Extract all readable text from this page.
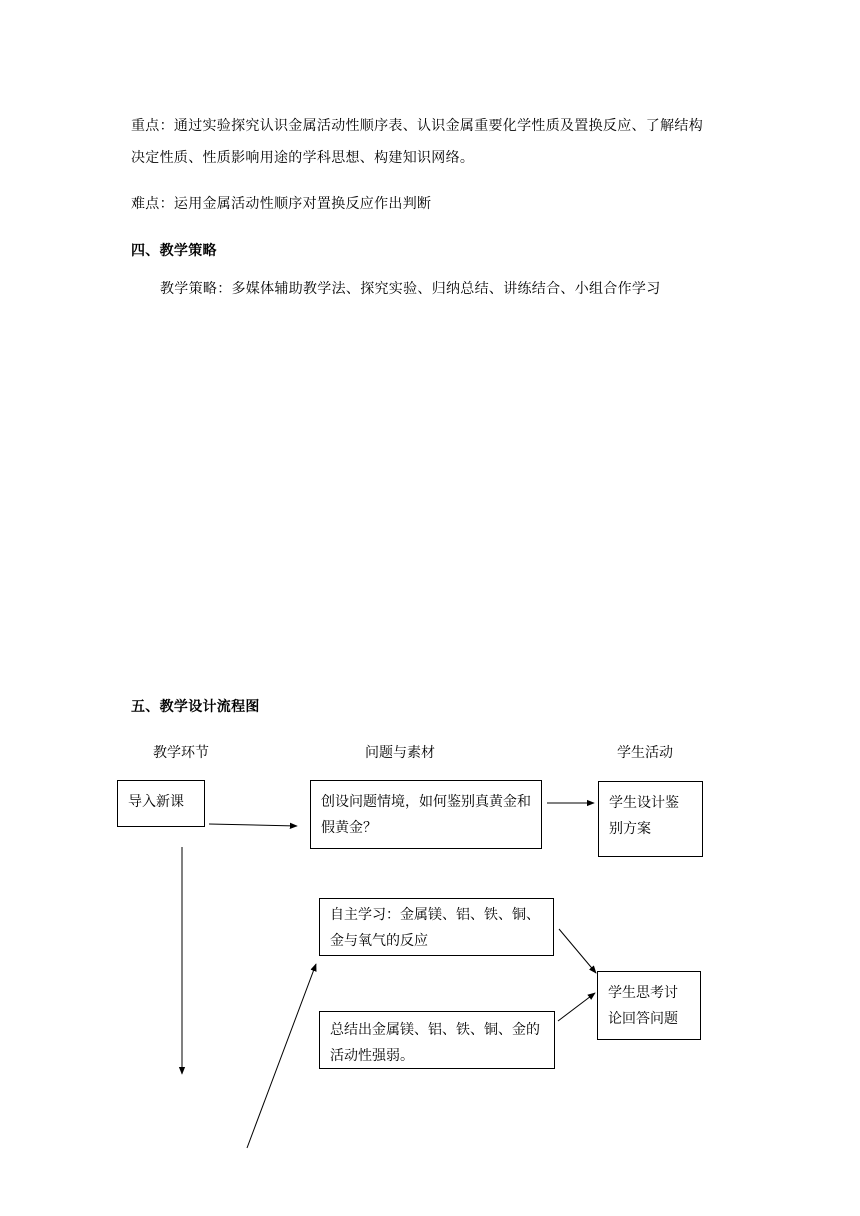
重点：通过实验探究认识金属活动性顺序表、认识金属重要化学性质及置换反应、了解结构
决定性质、性质影响用途的学科思想、构建知识网络。
难点：运用金属活动性顺序对置换反应作出判断
四、教学策略
教学策略：多媒体辅助教学法、探究实验、归纳总结、讲练结合、小组合作学习
五、教学设计流程图
教学环节	问题与素材	学生活动
导入新课	创设问题情境，如何鉴别真黄金和假黄金？
学生设计鉴别方案
自主学习：金属镁、铝、铁、铜、金与氧气的反应
总结出金属镁、铝、铁、铜、金的活动性强弱。
学生思考讨论回答问题
